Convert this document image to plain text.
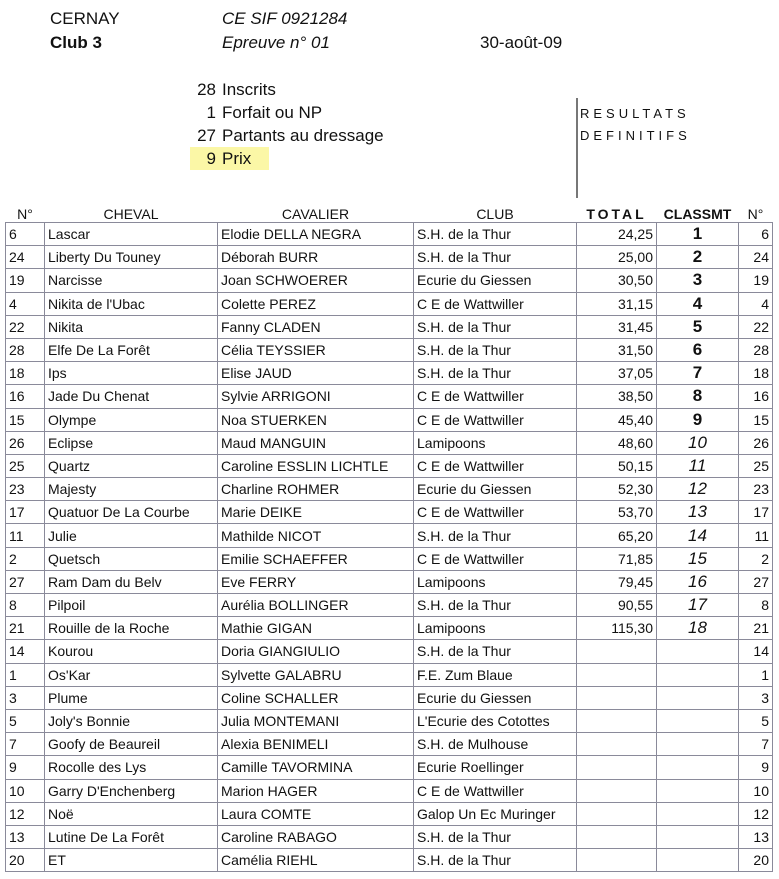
CERNAY
Club 3
CE SIF 0921284
Epreuve n° 01	30-août-09
28 Inscrits
1 Forfait ou NP
27 Partants au dressage
9 Prix
RESULTATS
DEFINITIFS
N°	CHEVAL	CAVALIER	CLUB	TOTAL	CLASSMT	N°
6	Lascar	Elodie DELLA NEGRA	S.H. de la Thur	24,25	1	6
24	Liberty Du Touney	Déborah BURR	S.H. de la Thur	25,00	2	24
19	Narcisse	Joan SCHWOERER	Ecurie du Giessen	30,50	3	19
4	Nikita de l'Ubac	Colette PEREZ	C E de Wattwiller	31,15	4	4
22	Nikita	Fanny CLADEN	S.H. de la Thur	31,45	5	22
28	Elfe De La Forêt	Célia TEYSSIER	S.H. de la Thur	31,50	6	28
18	Ips	Elise JAUD	S.H. de la Thur	37,05	7	18
16	Jade Du Chenat	Sylvie ARRIGONI	C E de Wattwiller	38,50	8	16
15	Olympe	Noa STUERKEN	C E de Wattwiller	45,40	9	15
26	Eclipse	Maud MANGUIN	Lamipoons	48,60	10	26
25	Quartz	Caroline ESSLIN LICHTLE	C E de Wattwiller	50,15	11	25
23	Majesty	Charline ROHMER	Ecurie du Giessen	52,30	12	23
17	Quatuor De La Courbe	Marie DEIKE	C E de Wattwiller	53,70	13	17
11	Julie	Mathilde NICOT	S.H. de la Thur	65,20	14	11
2	Quetsch	Emilie SCHAEFFER	C E de Wattwiller	71,85	15	2
27	Ram Dam du Belv	Eve FERRY	Lamipoons	79,45	16	27
8	Pilpoil	Aurélia BOLLINGER	S.H. de la Thur	90,55	17	8
21	Rouille de la Roche	Mathie GIGAN	Lamipoons	115,30	18	21
14	Kourou	Doria GIANGIULIO	S.H. de la Thur			14
1	Os'Kar	Sylvette GALABRU	F.E. Zum Blaue			1
3	Plume	Coline SCHALLER	Ecurie du Giessen			3
5	Joly's Bonnie	Julia MONTEMANI	L'Ecurie des Cotottes			5
7	Goofy de Beaureil	Alexia BENIMELI	S.H. de Mulhouse			7
9	Rocolle des Lys	Camille TAVORMINA	Ecurie Roellinger			9
10	Garry D'Enchenberg	Marion HAGER	C E de Wattwiller			10
12	Noë	Laura COMTE	Galop Un Ec Muringer			12
13	Lutine De La Forêt	Caroline RABAGO	S.H. de la Thur			13
20	ET	Camélia RIEHL	S.H. de la Thur			20
